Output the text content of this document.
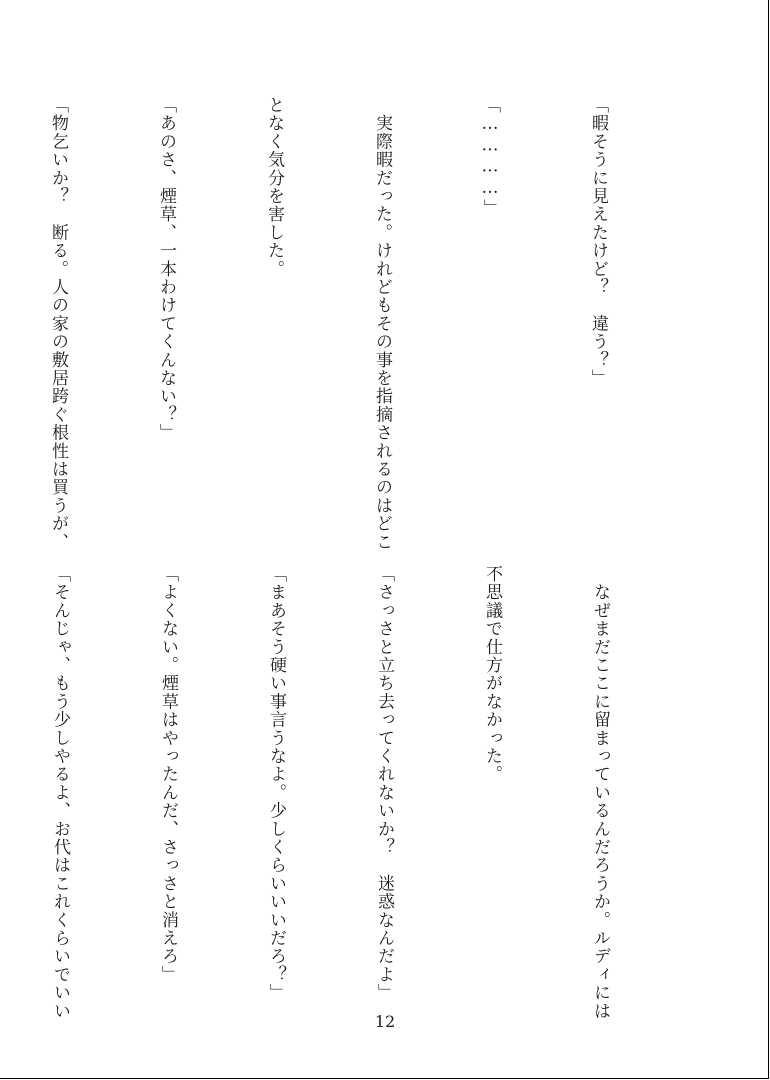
「暇そうに見えたけど？　違う？」

「…………」

　実際暇だった。けれどもその事を指摘されるのはどこ

となく気分を害した。

「あのさ、煙草、一本わけてくんない？」

「物乞いか？　断る。人の家の敷居跨ぐ根性は買うが、

　なぜまだここに留まっているんだろうか。ルディには

不思議で仕方がなかった。

「さっさと立ち去ってくれないか？　迷惑なんだよ」

「まあそう硬い事言うなよ。少しくらいいいだろ？」

「よくない。煙草はやったんだ、さっさと消えろ」

「そんじゃ、もう少しやるよ、お代はこれくらいでいい

12
